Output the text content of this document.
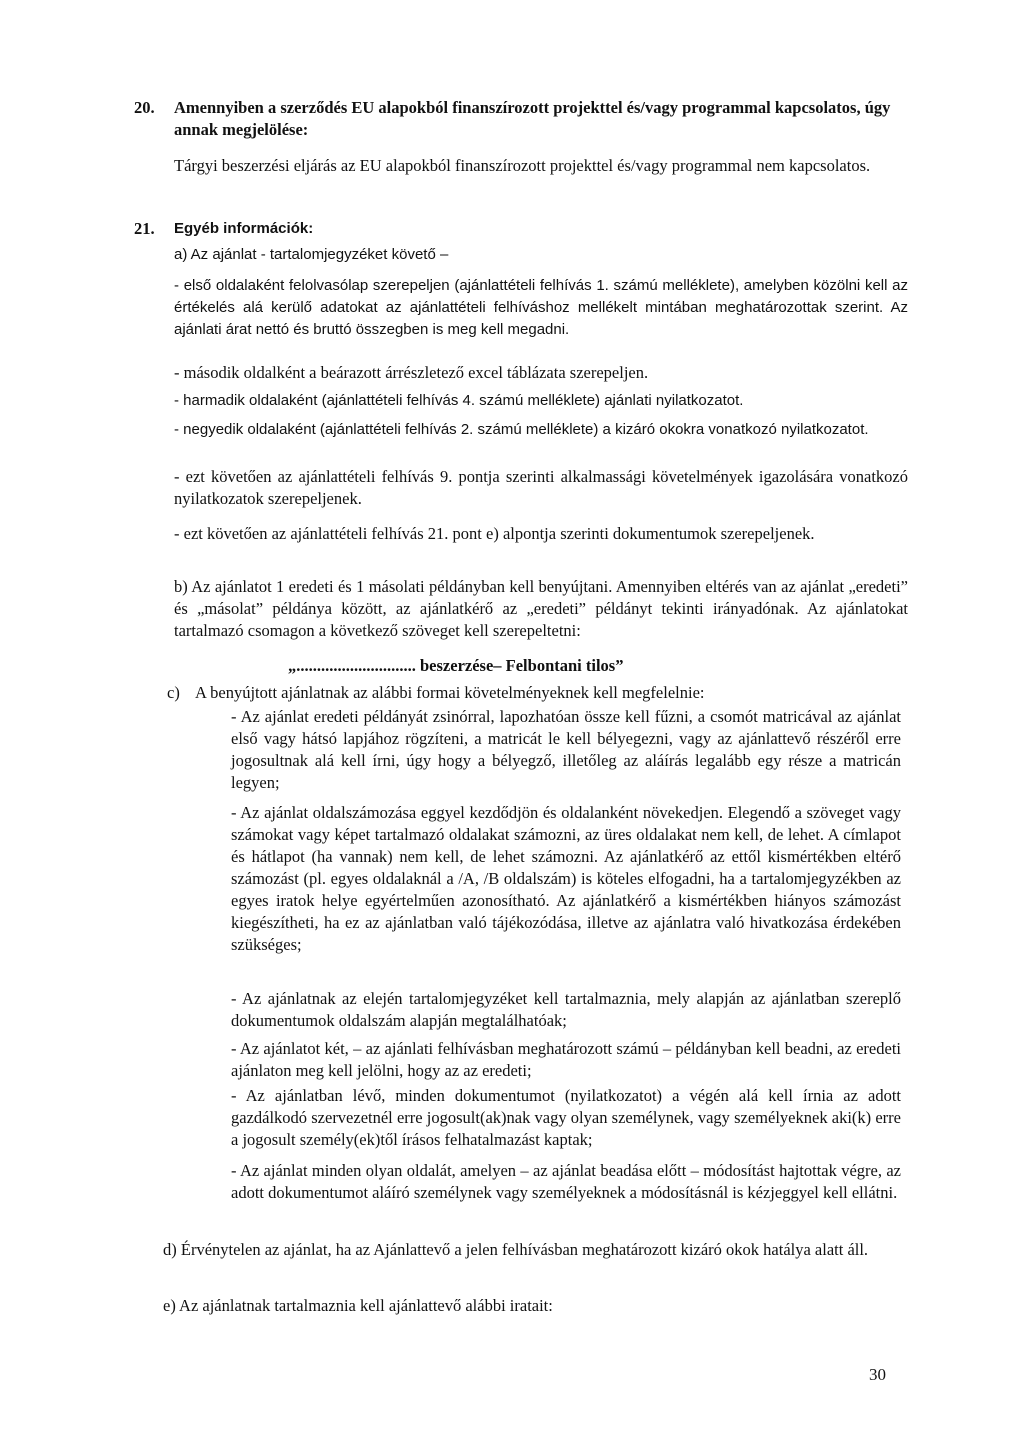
20. Amennyiben a szerződés EU alapokból finanszírozott projekttel és/vagy programmal kapcsolatos, úgy annak megjelölése:
Tárgyi beszerzési eljárás az EU alapokból finanszírozott projekttel és/vagy programmal nem kapcsolatos.
21. Egyéb információk:
a) Az ajánlat - tartalomjegyzéket követő –
- első oldalaként felolvasólap szerepeljen (ajánlattételi felhívás 1. számú melléklete), amelyben közölni kell az értékelés alá kerülő adatokat az ajánlattételi felhíváshoz mellékelt mintában meghatározottak szerint. Az ajánlati árat nettó és bruttó összegben is meg kell megadni.
- második oldalként a beárazott árrészletező excel táblázata szerepeljen.
- harmadik oldalaként (ajánlattételi felhívás 4. számú melléklete) ajánlati nyilatkozatot.
- negyedik oldalaként (ajánlattételi felhívás 2. számú melléklete) a kizáró okokra vonatkozó nyilatkozatot.
- ezt követően az ajánlattételi felhívás 9. pontja szerinti alkalmassági követelmények igazolására vonatkozó nyilatkozatok szerepeljenek.
- ezt követően az ajánlattételi felhívás 21. pont e) alpontja szerinti dokumentumok szerepeljenek.
b) Az ajánlatot 1 eredeti és 1 másolati példányban kell benyújtani. Amennyiben eltérés van az ajánlat „eredeti” és „másolat” példánya között, az ajánlatkérő az „eredeti” példányt tekinti irányadónak. Az ajánlatokat tartalmazó csomagon a következő szöveget kell szerepeltetni:
„............................. beszerzése– Felbontani tilos”
c) A benyújtott ajánlatnak az alábbi formai követelményeknek kell megfelelnie:
- Az ajánlat eredeti példányát zsinórral, lapozhatóan össze kell fűzni, a csomót matricával az ajánlat első vagy hátsó lapjához rögzíteni, a matricát le kell bélyegezni, vagy az ajánlattevő részéről erre jogosultnak alá kell írni, úgy hogy a bélyegző, illetőleg az aláírás legalább egy része a matricán legyen;
- Az ajánlat oldalszámozása eggyel kezdődjön és oldalanként növekedjen. Elegendő a szöveget vagy számokat vagy képet tartalmazó oldalakat számozni, az üres oldalakat nem kell, de lehet. A címlapot és hátlapot (ha vannak) nem kell, de lehet számozni. Az ajánlatkérő az ettől kismértékben eltérő számozást (pl. egyes oldalaknál a /A, /B oldalszám) is köteles elfogadni, ha a tartalomjegyzékben az egyes iratok helye egyértelműen azonosítható. Az ajánlatkérő a kismértékben hiányos számozást kiegészítheti, ha ez az ajánlatban való tájékozódása, illetve az ajánlatra való hivatkozása érdekében szükséges;
- Az ajánlatnak az elején tartalomjegyzéket kell tartalmaznia, mely alapján az ajánlatban szereplő dokumentumok oldalszám alapján megtalálhatóak;
- Az ajánlatot két, – az ajánlati felhívásban meghatározott számú – példányban kell beadni, az eredeti ajánlaton meg kell jelölni, hogy az az eredeti;
- Az ajánlatban lévő, minden dokumentumot (nyilatkozatot) a végén alá kell írnia az adott gazdálkodó szervezetnél erre jogosult(ak)nak vagy olyan személynek, vagy személyeknek aki(k) erre a jogosult személy(ek)től írásos felhatalmazást kaptak;
- Az ajánlat minden olyan oldalát, amelyen – az ajánlat beadása előtt – módosítást hajtottak végre, az adott dokumentumot aláíró személynek vagy személyeknek a módosításnál is kézjeggyel kell ellátni.
d) Érvénytelen az ajánlat, ha az Ajánlattevő a jelen felhívásban meghatározott kizáró okok hatálya alatt áll.
e) Az ajánlatnak tartalmaznia kell ajánlattevő alábbi iratait:
30
